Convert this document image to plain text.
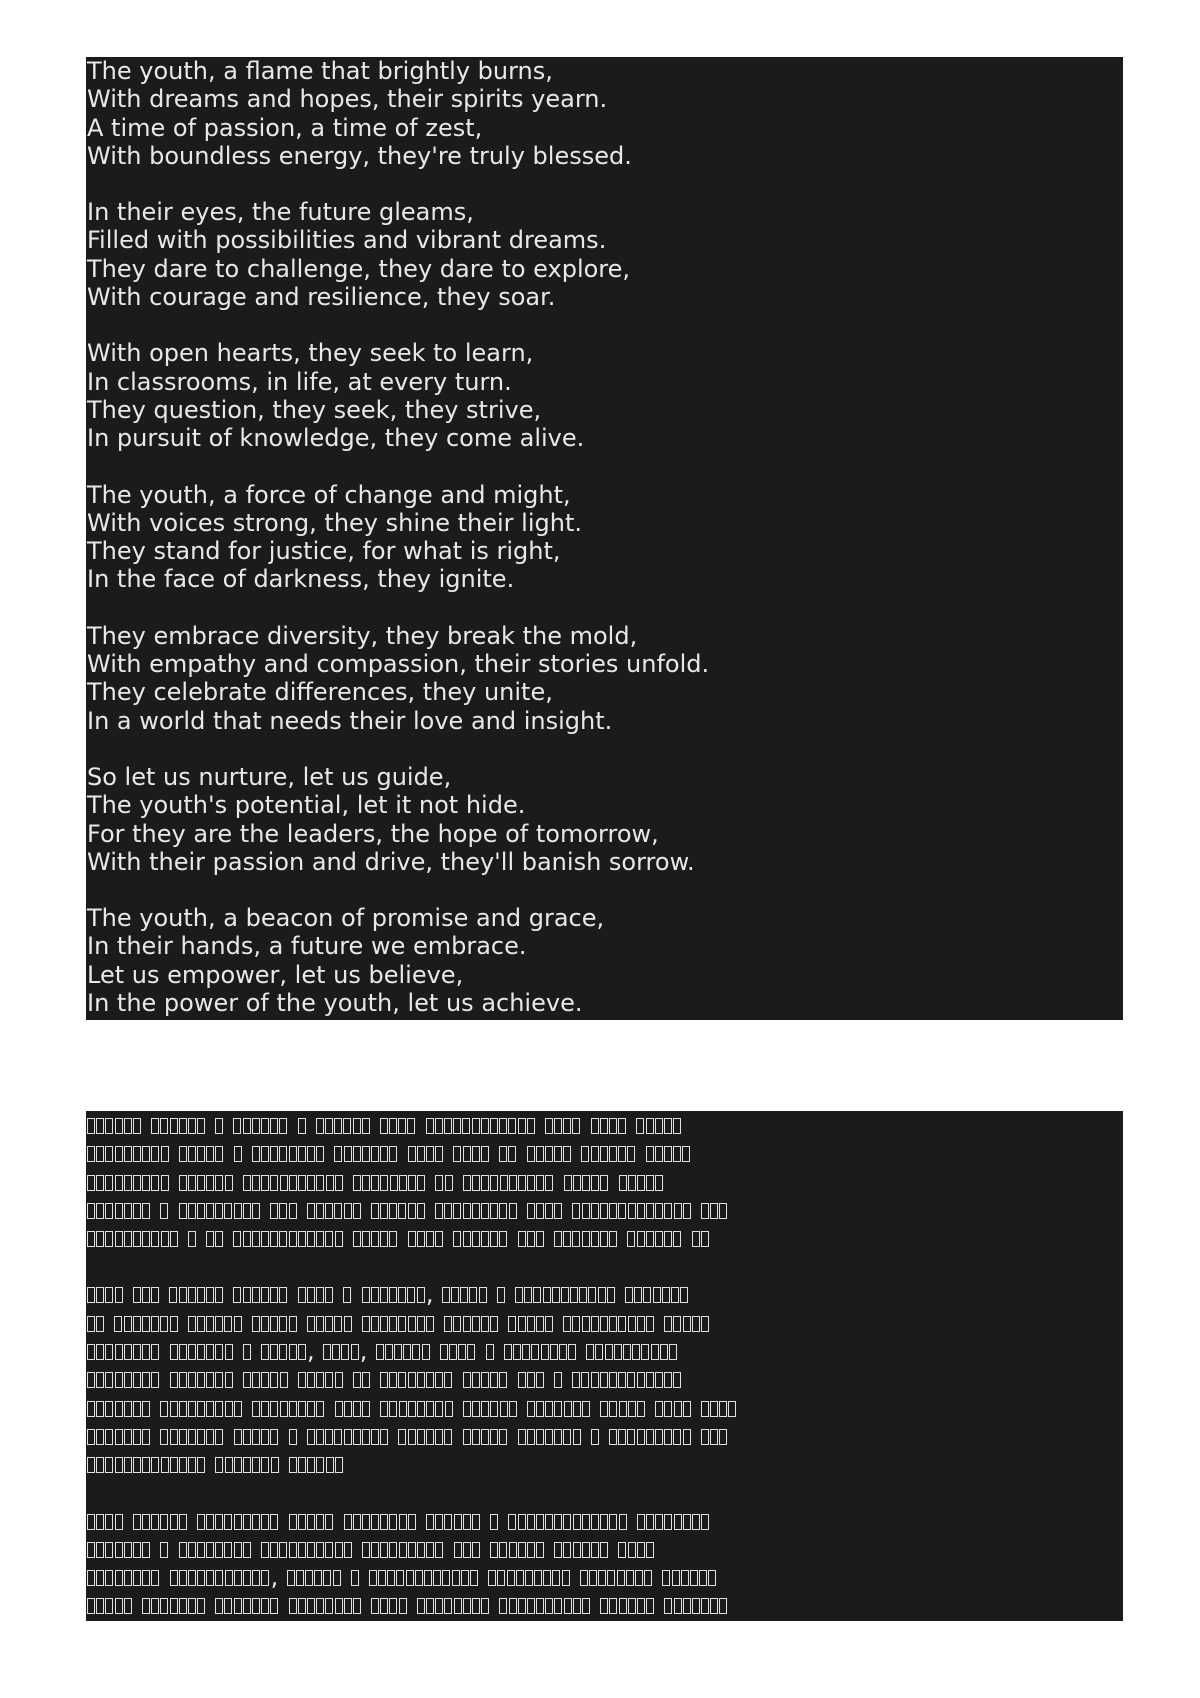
The youth, a flame that brightly burns,
With dreams and hopes, their spirits yearn.
A time of passion, a time of zest,
With boundless energy, they're truly blessed.
In their eyes, the future gleams,
Filled with possibilities and vibrant dreams.
They dare to challenge, they dare to explore,
With courage and resilience, they soar.
With open hearts, they seek to learn,
In classrooms, in life, at every turn.
They question, they seek, they strive,
In pursuit of knowledge, they come alive.
The youth, a force of change and might,
With voices strong, they shine their light.
They stand for justice, for what is right,
In the face of darkness, they ignite.
They embrace diversity, they break the mold,
With empathy and compassion, their stories unfold.
They celebrate differences, they unite,
In a world that needs their love and insight.
So let us nurture, let us guide,
The youth's potential, let it not hide.
For they are the leaders, the hope of tomorrow,
With their passion and drive, they'll banish sorrow.
The youth, a beacon of promise and grace,
In their hands, a future we embrace.
Let us empower, let us believe,
In the power of the youth, let us achieve.
,
, ,
,
